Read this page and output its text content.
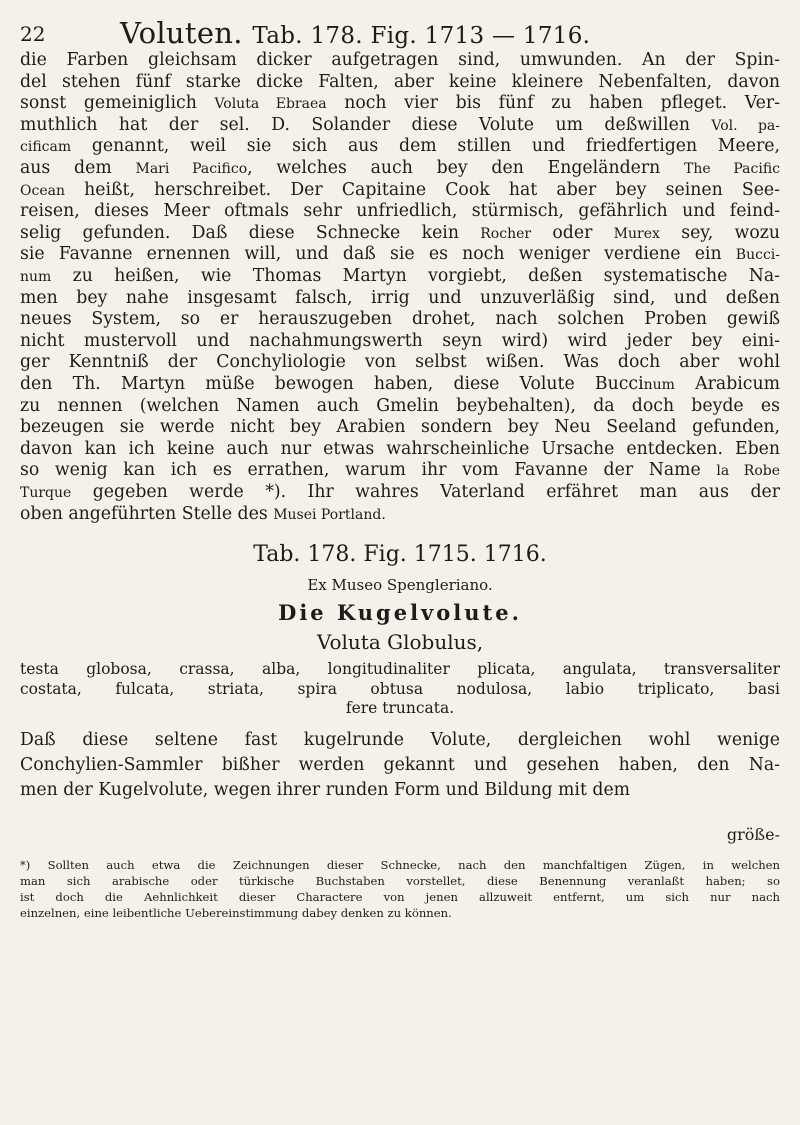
22	Voluten. Tab. 178. Fig. 1713 — 1716.
die Farben gleichsam dicker aufgetragen sind, umwunden. An der Spin-
del stehen fünf starke dicke Falten, aber keine kleinere Nebenfalten, davon
sonst gemeiniglich Voluta Ebraea noch vier bis fünf zu haben pfleget. Ver-
muthlich hat der sel. D. Solander diese Volute um deßwillen Vol. pa-
cificam genannt, weil sie sich aus dem stillen und friedfertigen Meere,
aus dem Mari Pacifico, welches auch bey den Engeländern The Pacific
Ocean heißt, herschreibet. Der Capitaine Cook hat aber bey seinen See-
reisen, dieses Meer oftmals sehr unfriedlich, stürmisch, gefährlich und feind-
selig gefunden. Daß diese Schnecke kein Rocher oder Murex sey, wozu
sie Favanne ernennen will, und daß sie es noch weniger verdiene ein Bucci-
num zu heißen, wie Thomas Martyn vorgiebt, deßen systematische Na-
men bey nahe insgesamt falsch, irrig und unzuverläßig sind, und deßen
neues System, so er herauszugeben drohet, nach solchen Proben gewiß
nicht mustervoll und nachahmungswerth seyn wird) wird jeder bey eini-
ger Kenntniß der Conchyliologie von selbst wißen. Was doch aber wohl
den Th. Martyn müße bewogen haben, diese Volute Buccinum Arabicum
zu nennen (welchen Namen auch Gmelin beybehalten), da doch beyde es
bezeugen sie werde nicht bey Arabien sondern bey Neu Seeland gefunden,
davon kan ich keine auch nur etwas wahrscheinliche Ursache entdecken. Eben
so wenig kan ich es errathen, warum ihr vom Favanne der Name la Robe
Turque gegeben werde *). Ihr wahres Vaterland erfähret man aus der
oben angeführten Stelle des Musei Portland.
Tab. 178. Fig. 1715. 1716.
Ex Museo Spengleriano.
Die Kugelvolute.
Voluta Globulus,
testa globosa, crassa, alba, longitudinaliter plicata, angulata, transversaliter
costata, fulcata, striata, spira obtusa nodulosa, labio triplicato, basi
fere truncata.
Daß diese seltene fast kugelrunde Volute, dergleichen wohl wenige
Conchylien-Sammler bißher werden gekannt und gesehen haben, den Na-
men der Kugelvolute, wegen ihrer runden Form und Bildung mit dem
größe-
*) Sollten auch etwa die Zeichnungen dieser Schnecke, nach den manchfaltigen Zügen, in welchen
man sich arabische oder türkische Buchstaben vorstellet, diese Benennung veranlaßt haben; so
ist doch die Aehnlichkeit dieser Charactere von jenen allzuweit entfernt, um sich nur nach
einzelnen, eine leibentliche Uebereinstimmung dabey denken zu können.
